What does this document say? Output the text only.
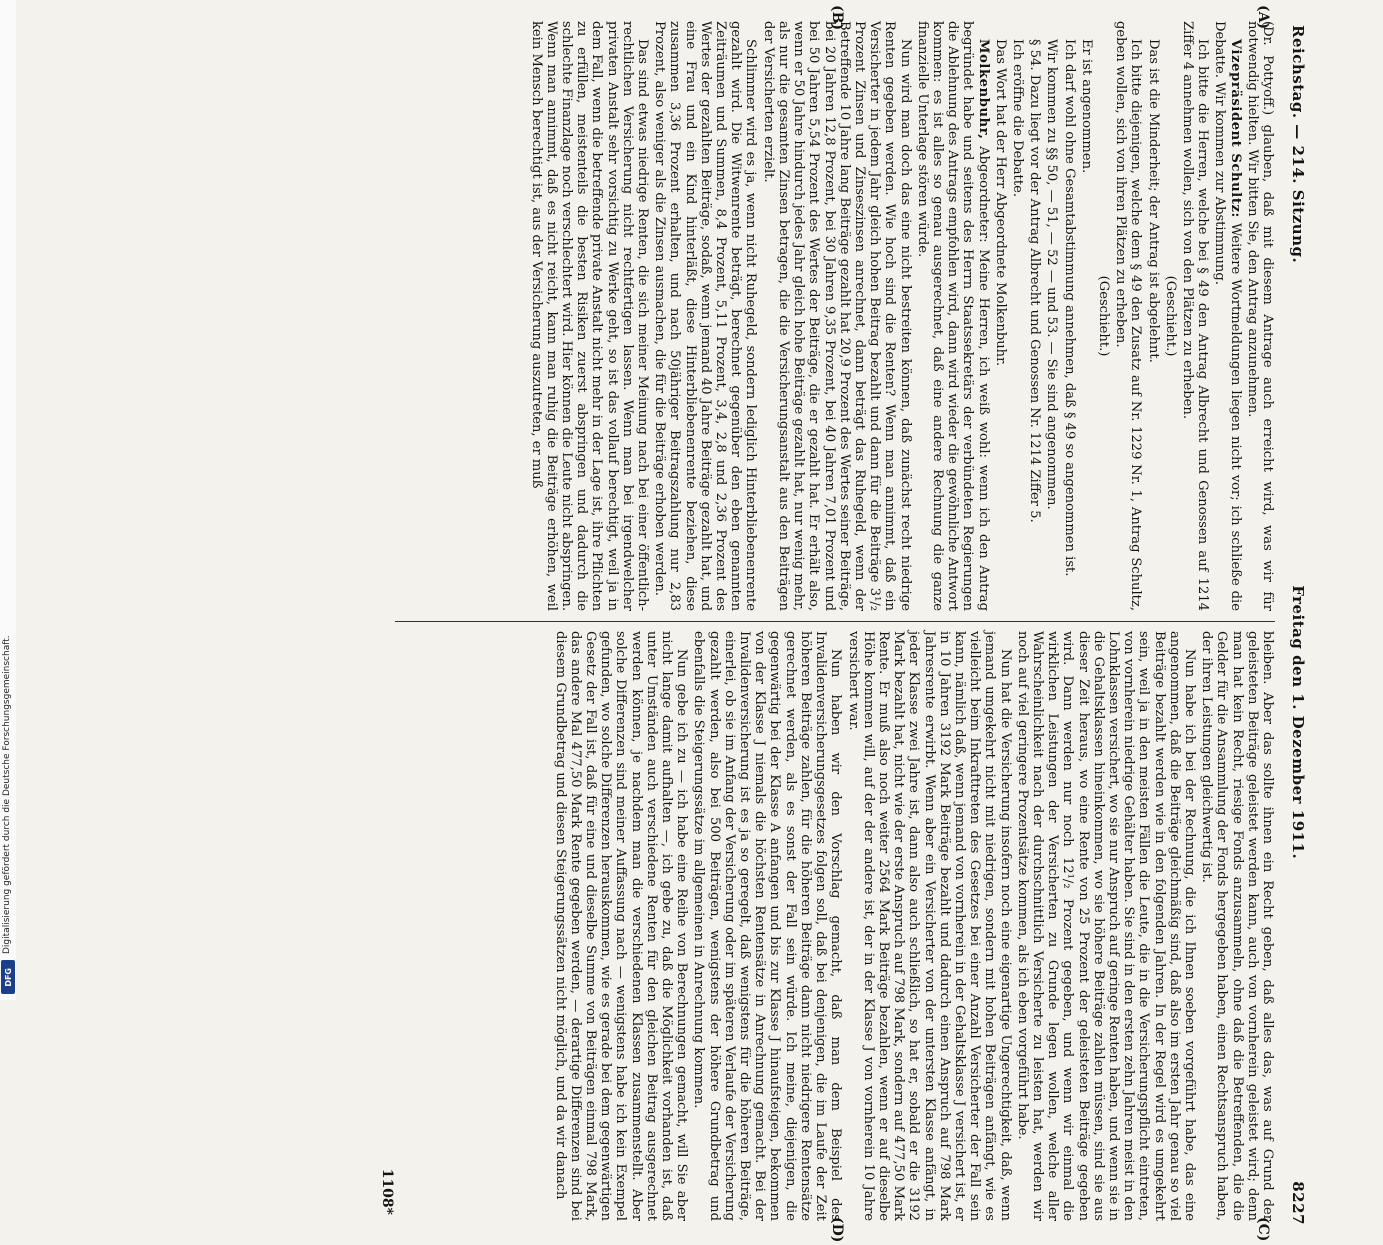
Digitalisierung gefördert durch die Deutsche Forschungsgemeinschaft.
DFG
Reichstag. — 214. Sitzung.
Freitag den 1. Dezember 1911.
8227
(A)
(B)
(C)
(D)

(Dr. Pottyoff.) glauben, daß mit diesem Antrage auch erreicht wird, was wir für notwendig hielten. Wir bitten Sie, den Antrag anzunehmen.

Vizepräsident Schultz: Weitere Wortmeldungen liegen nicht vor; ich schließe die Debatte. Wir kommen zur Abstimmung.

Ich bitte die Herren, welche bei § 49 den Antrag Albrecht und Genossen auf 1214 Ziffer 4 annehmen wollen, sich von den Plätzen zu erheben.

(Geschieht.)

Das ist die Minderheit; der Antrag ist abgelehnt.

Ich bitte diejenigen, welche dem § 49 den Zusatz auf Nr. 1229 Nr. 1, Antrag Schultz, geben wollen, sich von ihren Plätzen zu erheben.

(Geschieht.)

Er ist angenommen.

Ich darf wohl ohne Gesamtabstimmung annehmen, daß § 49 so angenommen ist.

Wir kommen zu §§ 50, — 51, — 52 — und 53. — Sie sind angenommen.

§ 54. Dazu liegt vor der Antrag Albrecht und Genossen Nr. 1214 Ziffer 5.

Ich eröffne die Debatte.

Das Wort hat der Herr Abgeordnete Molkenbuhr.

Molkenbuhr, Abgeordneter: Meine Herren, ich weiß wohl: wenn ich den Antrag begründet habe und seitens des Herrn Staatssekretärs der verbündeten Regierungen die Ablehnung des Antrags empfohlen wird, dann wird wieder die gewöhnliche Antwort kommen: es ist alles so genau ausgerechnet, daß eine andere Rechnung die ganze finanzielle Unterlage stören würde.

Nun wird man doch das eine nicht bestreiten können, daß zunächst recht niedrige Renten gegeben werden. Wie hoch sind die Renten? Wenn man annimmt, daß ein Versicherter in jedem Jahr gleich hohen Beitrag bezahlt und dann für die Beiträge 3¹/₂ Prozent Zinsen und Zinseszinsen anrechnet, dann beträgt das Ruhegeld, wenn der Betreffende 10 Jahre lang Beiträge gezahlt hat 20,9 Prozent des Wertes seiner Beiträge, bei 20 Jahren 12,8 Prozent, bei 30 Jahren 9,35 Prozent, bei 40 Jahren 7,01 Prozent und bei 50 Jahren 5,54 Prozent des Wertes der Beiträge, die er gezahlt hat. Er erhält also, wenn er 50 Jahre hindurch jedes Jahr gleich hohe Beiträge gezahlt hat, nur wenig mehr, als nur die gesamten Zinsen betragen, die die Versicherungsanstalt aus den Beiträgen der Versicherten erzielt.

Schlimmer wird es ja, wenn nicht Ruhegeld, sondern lediglich Hinterbliebenenrente gezahlt wird. Die Witwenrente beträgt, berechnet gegenüber den eben genannten Zeiträumen und Summen, 8,4 Prozent, 5,11 Prozent, 3,4, 2,8 und 2,36 Prozent des Wertes der gezahlten Beiträge, sodaß, wenn jemand 40 Jahre Beiträge gezahlt hat, und eine Frau und ein Kind hinterläßt, diese Hinterbliebenenrente beziehen, diese zusammen 3,36 Prozent erhalten, und nach 50jähriger Beitragszahlung nur 2,83 Prozent, also weniger als die Zinsen ausmachen, die für die Beiträge erhoben werden.

Das sind etwas niedrige Renten, die sich meiner Meinung nach bei einer öffentlich-rechtlichen Versicherung nicht rechtfertigen lassen. Wenn man bei irgendwelcher privaten Anstalt sehr vorsichtig zu Werke geht, so ist das vollauf berechtigt, weil ja in dem Fall, wenn die betreffende private Anstalt nicht mehr in der Lage ist, ihre Pflichten zu erfüllen, meistenteils die besten Risiken zuerst abspringen und dadurch die schlechte Finanzlage noch verschlechtert wird. Hier können die Leute nicht abspringen. Wenn man annimmt, daß es nicht reicht, kann man ruhig die Beiträge erhöhen, weil kein Mensch berechtigt ist, aus der Versicherung auszutreten, er muß

bleiben. Aber das sollte ihnen ein Recht geben, daß alles das, was auf Grund der geleisteten Beiträge geleistet werden kann, auch von vornherein geleistet wird; denn man hat kein Recht, riesige Fonds anzusammeln, ohne daß die Betreffenden, die die Gelder für die Ansammlung der Fonds hergegeben haben, einen Rechtsanspruch haben, der ihren Leistungen gleichwertig ist.

Nun habe ich bei der Rechnung, die ich Ihnen soeben vorgeführt habe, das eine angenommen, daß die Beiträge gleichmäßig sind, daß also im ersten Jahr genau so viel Beiträge bezahlt werden wie in den folgenden Jahren. In der Regel wird es umgekehrt sein, weil ja in den meisten Fällen die Leute, die in die Versicherungspflicht eintreten, von vornherein niedrige Gehälter haben. Sie sind in den ersten zehn Jahren meist in den Lohnklassen versichert, wo sie nur Anspruch auf geringe Renten haben, und wenn sie in die Gehaltsklassen hineinkommen, wo sie höhere Beiträge zahlen müssen, sind sie aus dieser Zeit heraus, wo eine Rente von 25 Prozent der geleisteten Beiträge gegeben wird. Dann werden nur noch 12¹/₂ Prozent gegeben, und wenn wir einmal die wirklichen Leistungen der Versicherten zu Grunde legen wollen, welche aller Wahrscheinlichkeit nach der durchschnittlich Versicherte zu leisten hat, werden wir noch auf viel geringere Prozentsätze kommen, als ich eben vorgeführt habe.

Nun hat die Versicherung insofern noch eine eigenartige Ungerechtigkeit, daß, wenn jemand umgekehrt nicht mit niedrigen, sondern mit hohen Beiträgen anfängt, wie es vielleicht beim Inkrafttreten des Gesetzes bei einer Anzahl Versicherter der Fall sein kann, nämlich daß, wenn jemand von vornherein in der Gehaltsklasse J versichert ist, er in 10 Jahren 3192 Mark Beiträge bezahlt und dadurch einen Anspruch auf 798 Mark Jahresrente erwirbt. Wenn aber ein Versicherter von der untersten Klasse anfängt, in jeder Klasse zwei Jahre ist, dann also auch schließlich, so hat er, sobald er die 3192 Mark bezahlt hat, nicht wie der erste Anspruch auf 798 Mark, sondern auf 477,50 Mark Rente. Er muß also noch weiter 2564 Mark Beiträge bezahlen, wenn er auf dieselbe Höhe kommen will, auf der der andere ist, der in der Klasse J von vornherein 10 Jahre versichert war.

Nun haben wir den Vorschlag gemacht, daß man dem Beispiel des Invalidenversicherungsgesetzes folgen soll, daß bei denjenigen, die im Laufe der Zeit höheren Beiträge zahlen, für die höheren Beiträge dann nicht niedrigere Rentensätze gerechnet werden, als es sonst der Fall sein würde. Ich meine, diejenigen, die gegenwärtig bei der Klasse A anfangen und bis zur Klasse J hinaufsteigen, bekommen von der Klasse J niemals die höchsten Rentensätze in Anrechnung gemacht. Bei der Invalidenversicherung ist es ja so geregelt, daß wenigstens für die höheren Beiträge, einerlei, ob sie im Anfang der Versicherung oder im späteren Verlaufe der Versicherung gezahlt werden, also bei 500 Beiträgen, wenigstens der höhere Grundbetrag und ebenfalls die Steigerungssätze im allgemeinen in Anrechnung kommen.

Nun gebe ich zu — ich habe eine Reihe von Berechnungen gemacht, will Sie aber nicht lange damit aufhalten —, ich gebe zu, daß die Möglichkeit vorhanden ist, daß unter Umständen auch verschiedene Renten für den gleichen Beitrag ausgerechnet werden können, je nachdem man die verschiedenen Klassen zusammenstellt. Aber solche Differenzen sind meiner Auffassung nach — wenigstens habe ich kein Exempel gefunden, wo solche Differenzen herauskommen, wie es gerade bei dem gegenwärtigen Gesetz der Fall ist, daß für eine und dieselbe Summe von Beiträgen einmal 798 Mark, das andere Mal 477,50 Mark Rente gegeben werden, — derartige Differenzen sind bei diesem Grundbetrag und diesen Steigerungssätzen nicht möglich, und da wir danach

1108*
